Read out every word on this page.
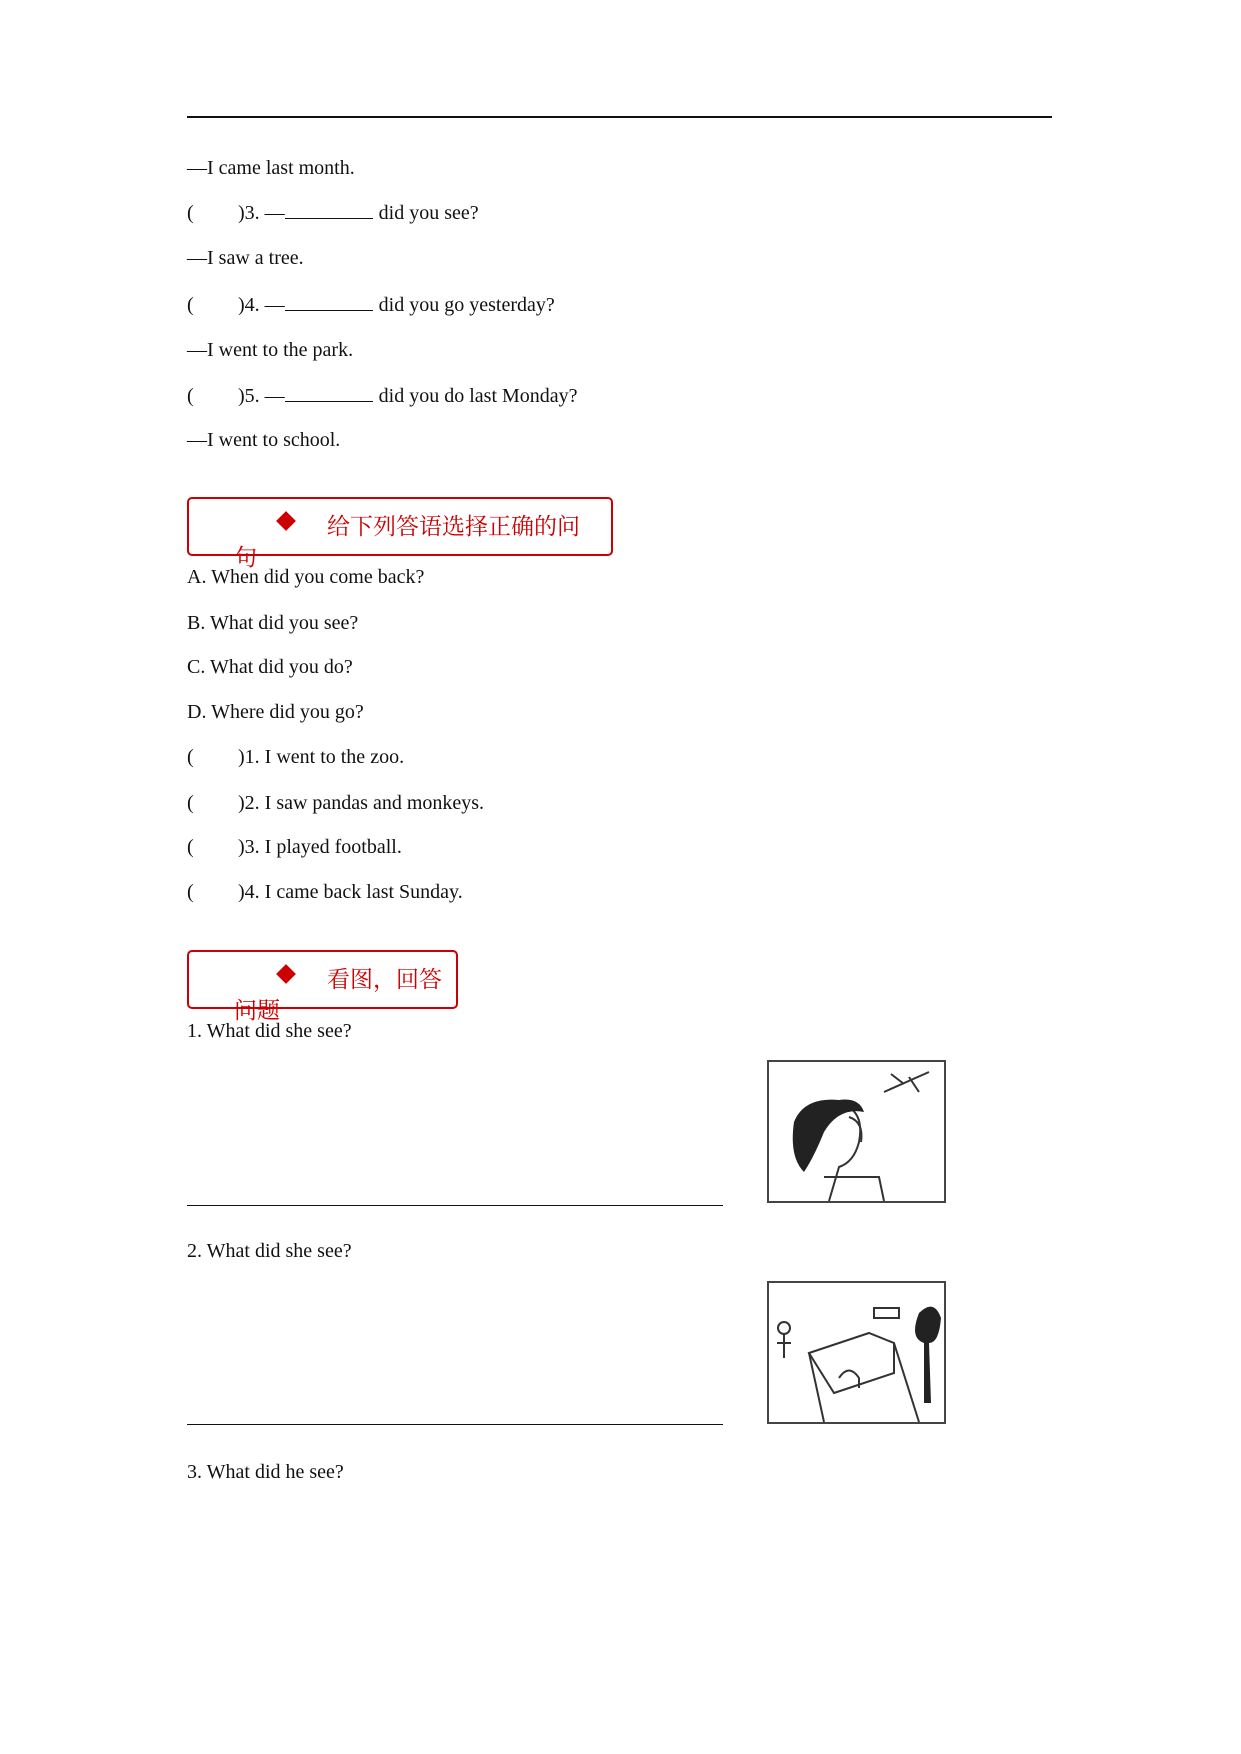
—I came last month.
( )3. —	did you see?
—I saw a tree.
( )4. —	did you go yesterday?
—I went to the park.
( )5. —	did you do last Monday?
—I went to school.
给下列答语选择正确的问
句
A. When did you come back?
B. What did you see?
C. What did you do?
D. Where did you go?
( )1. I went to the zoo.
( )2. I saw pandas and monkeys.
( )3. I played football.
( )4. I came back last Sunday.
看图，回答
问题
1. What did she see?
2. What did she see?
3. What did he see?
